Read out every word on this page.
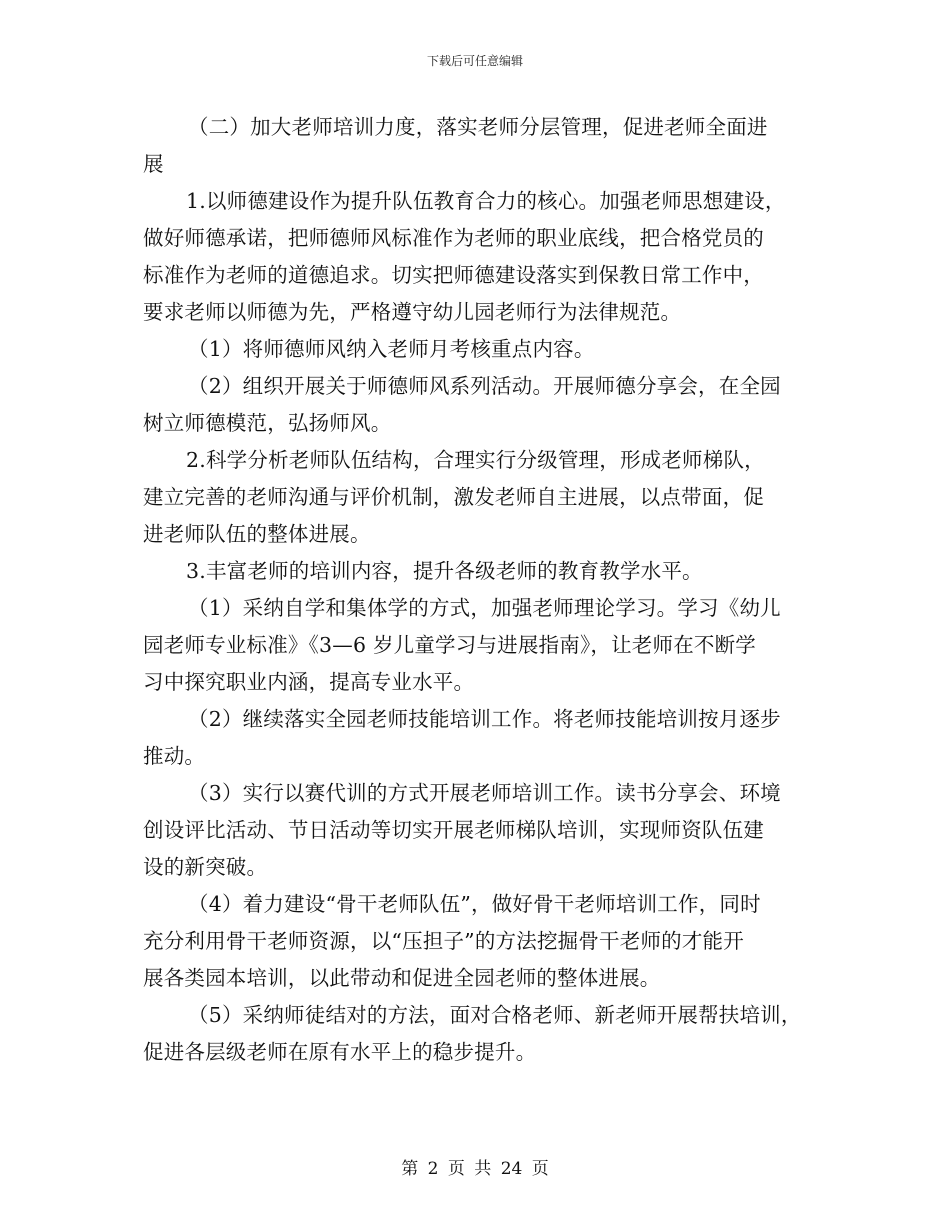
下载后可任意编辑
（二）加大老师培训力度，落实老师分层管理，促进老师全面进
展
1.以师德建设作为提升队伍教育合力的核心。加强老师思想建设，
做好师德承诺，把师德师风标准作为老师的职业底线，把合格党员的
标准作为老师的道德追求。切实把师德建设落实到保教日常工作中，
要求老师以师德为先，严格遵守幼儿园老师行为法律规范。
（1）将师德师风纳入老师月考核重点内容。
（2）组织开展关于师德师风系列活动。开展师德分享会，在全园
树立师德模范，弘扬师风。
2.科学分析老师队伍结构，合理实行分级管理，形成老师梯队，
建立完善的老师沟通与评价机制，激发老师自主进展，以点带面，促
进老师队伍的整体进展。
3.丰富老师的培训内容，提升各级老师的教育教学水平。
（1）采纳自学和集体学的方式，加强老师理论学习。学习《幼儿
园老师专业标准》《3—6 岁儿童学习与进展指南》，让老师在不断学
习中探究职业内涵，提高专业水平。
（2）继续落实全园老师技能培训工作。将老师技能培训按月逐步
推动。
（3）实行以赛代训的方式开展老师培训工作。读书分享会、环境
创设评比活动、节日活动等切实开展老师梯队培训，实现师资队伍建
设的新突破。
（4）着力建设“骨干老师队伍”，做好骨干老师培训工作，同时
充分利用骨干老师资源，以“压担子”的方法挖掘骨干老师的才能开
展各类园本培训，以此带动和促进全园老师的整体进展。
（5）采纳师徒结对的方法，面对合格老师、新老师开展帮扶培训，
促进各层级老师在原有水平上的稳步提升。
第 2 页 共 24 页
